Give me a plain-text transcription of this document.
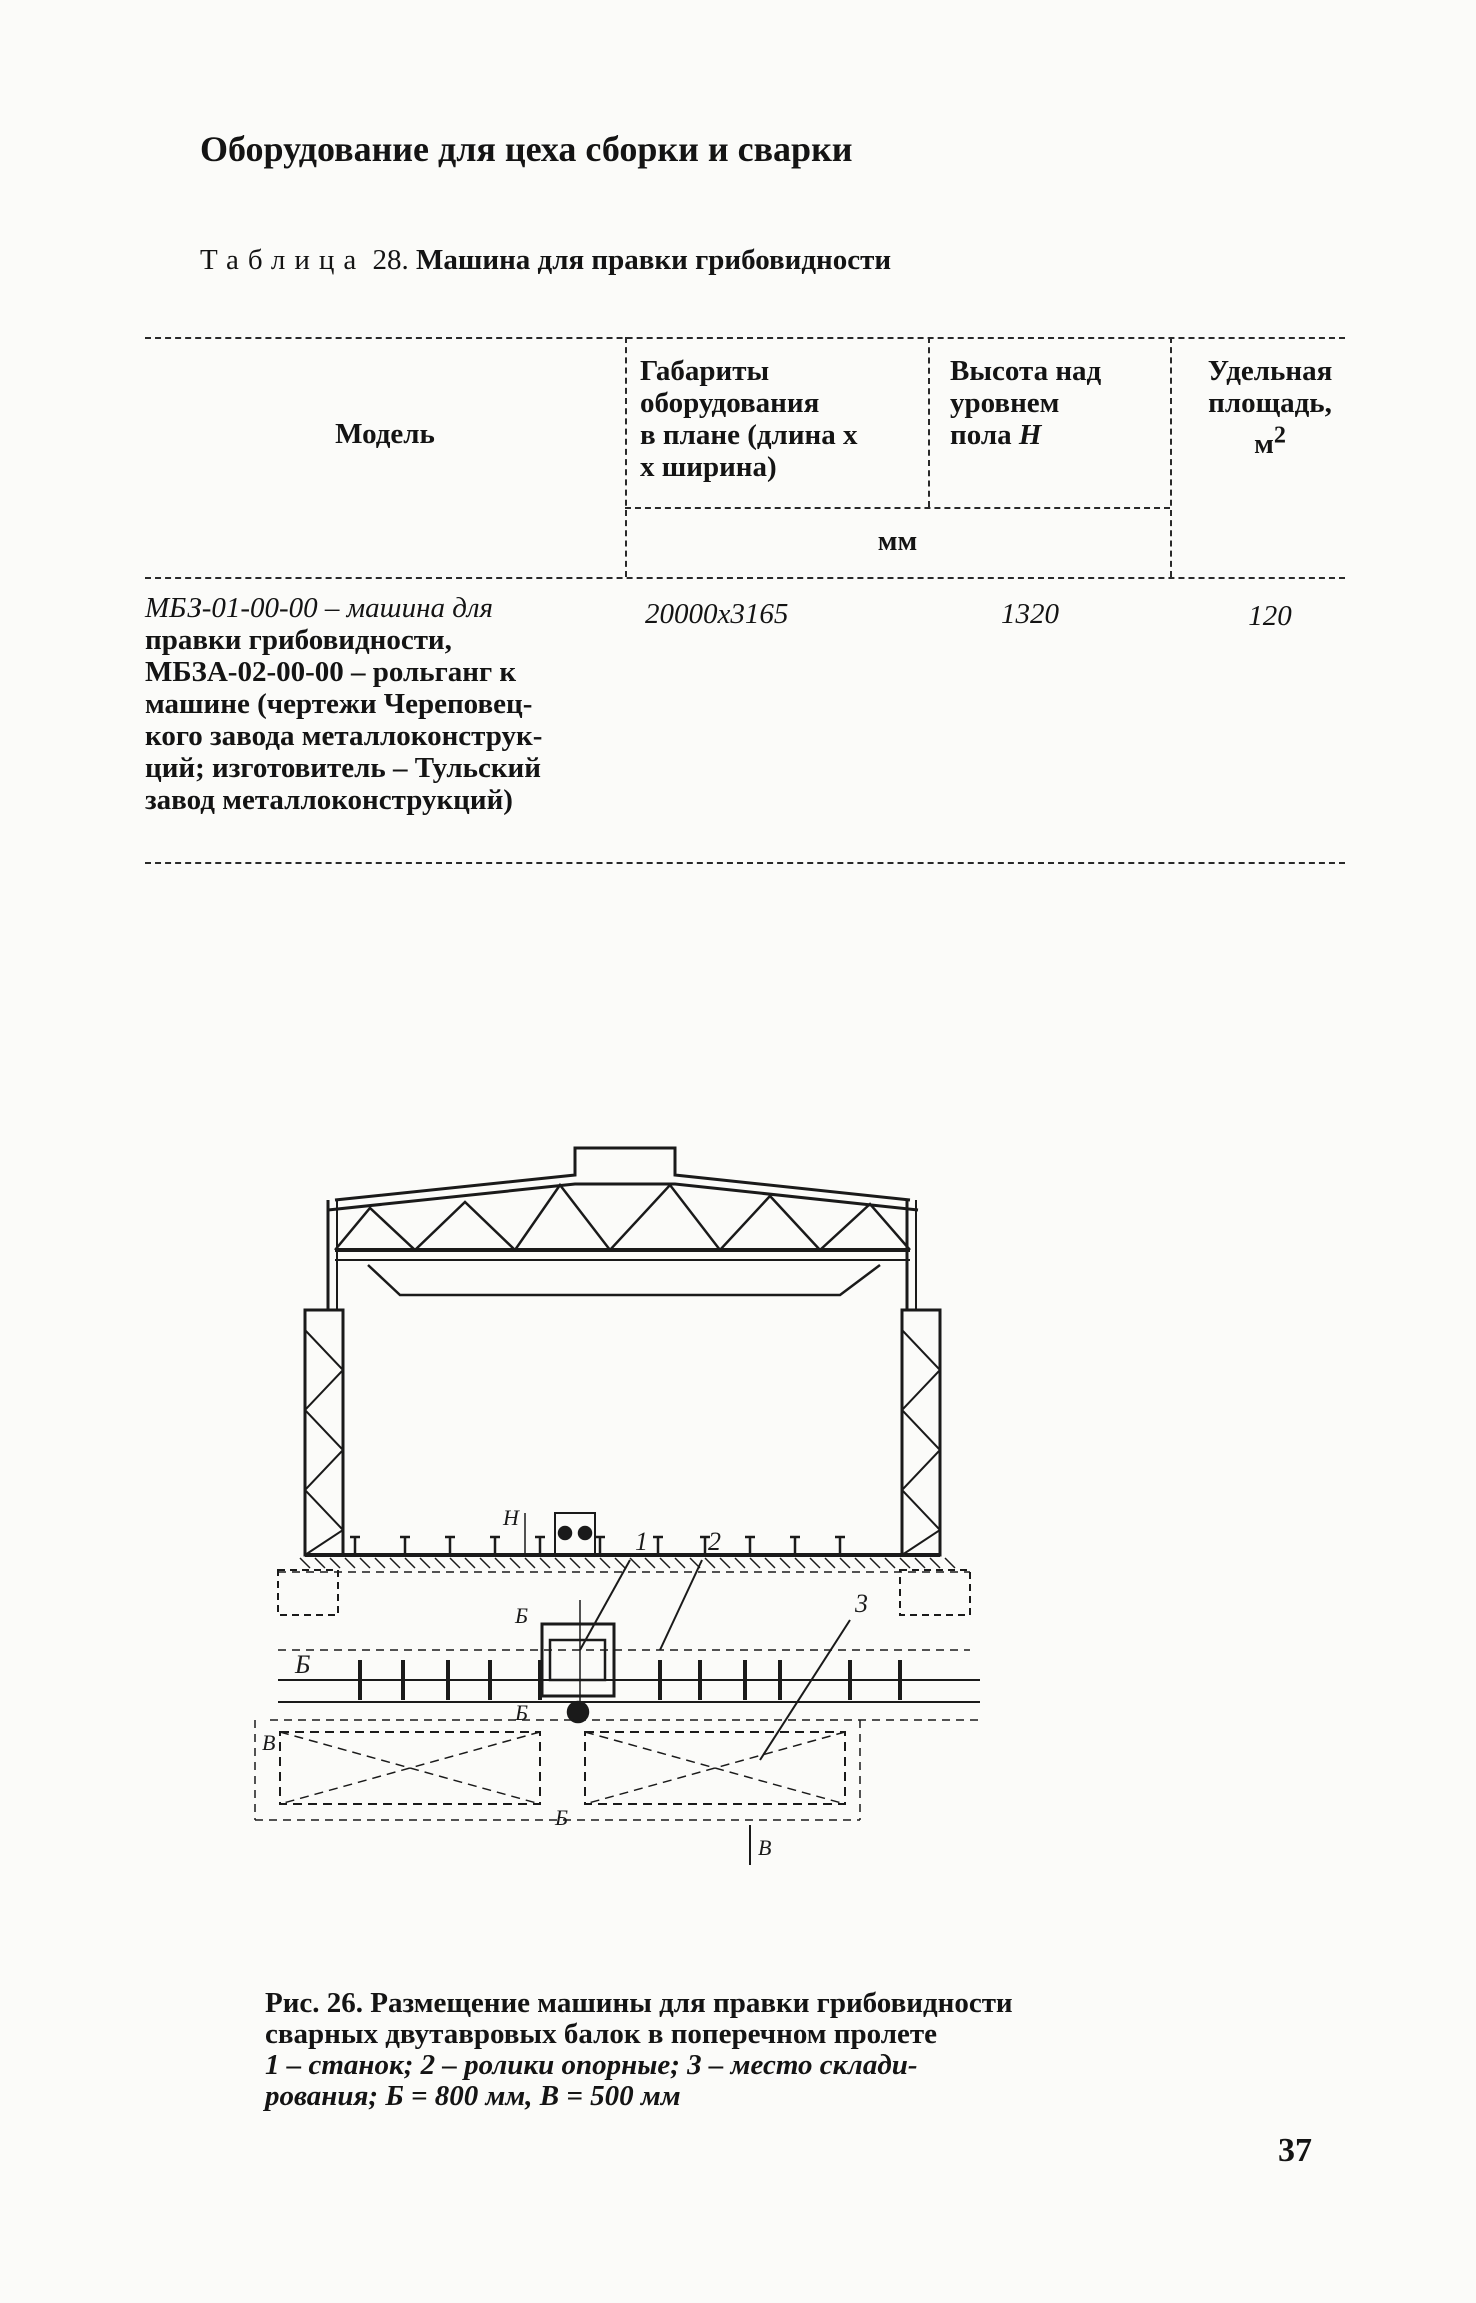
Оборудование для цеха сборки и сварки
Таблица 28. Машина для правки грибовидности
Модель
Габариты
оборудования
в плане (длина х
х ширина)
Высота над
уровнем
пола H
Удельная
площадь,
$м^2$
мм
МБЗ-01-00-00 – машина для
правки грибовидности,
МБЗА-02-00-00 – рольганг к
машине (чертежи Череповец-
кого завода металлоконструк-
ций; изготовитель – Тульский
завод металлоконструкций)
20000х3165	1320	120
1 2
3
H
Б
Б
Б
Б
В
В
Рис. 26. Размещение машины для правки грибовидности
сварных двутавровых балок в поперечном пролете
1 – станок; 2 – ролики опорные; 3 – место склади-
рования; Б = 800 мм, В = 500 мм
37
